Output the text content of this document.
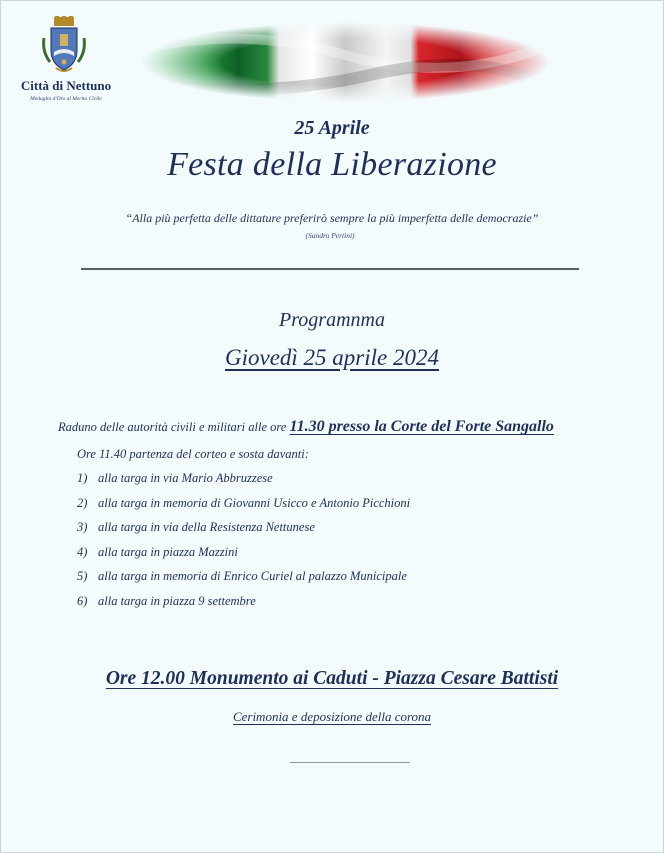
Città di Nettuno
Medaglia d'Oro al Merito Civile
25 Aprile
Festa della Liberazione
“Alla più perfetta delle dittature preferirò sempre la più imperfetta delle democrazie”
(Sandro Pertini)
Programnma
Giovedì 25 aprile 2024
Raduno delle autorità civili e militari alle ore 11.30 presso la Corte del Forte Sangallo
Ore 11.40 partenza del corteo e sosta davanti:
1) alla targa in via Mario Abbruzzese
2) alla targa in memoria di Giovanni Usicco e Antonio Picchioni
3) alla targa in via della Resistenza Nettunese
4) alla targa in piazza Mazzini
5) alla targa in memoria di Enrico Curiel al palazzo Municipale
6) alla targa in piazza 9 settembre
Ore 12.00 Monumento ai Caduti - Piazza Cesare Battisti
Cerimonia e deposizione della corona
